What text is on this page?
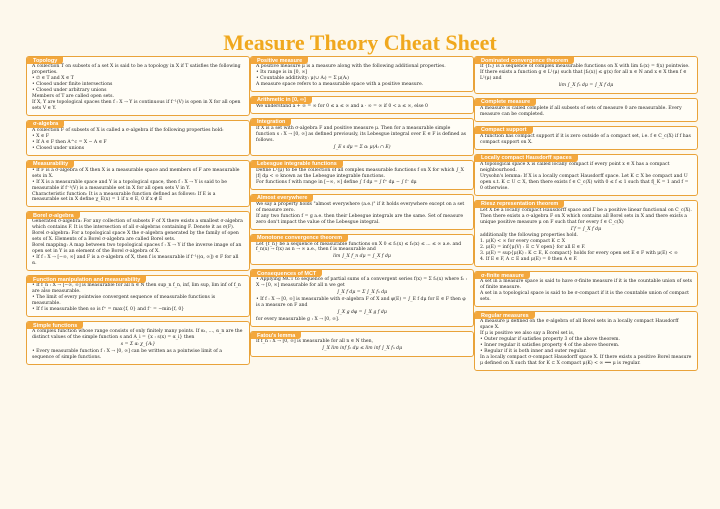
Measure Theory Cheat Sheet
Topology

A collection T on subsets of a set X is said to be a topology in X if T satisfies the following properties.

• ∅ ∈ T and X ∈ T

• Closed under finite intersections

• Closed under arbitrary unions

Members of T are called open sets.

If X, Y are topological spaces then f : X → Y is continuous if f⁻¹(V) is open in X for all open sets V ∈ Y.

σ-algebra

A collection F of subsets of X is called a σ-algebra if the following properties hold:

• X ∈ F

• If A ∈ F then A^c = X − A ∈ F

• Closed under unions

Measurability

• If F is a σ-algebra of X then X is a measurable space and members of F are measurable sets in X.

• If X is a measurable space and Y is a topological space, then f : X → Y is said to be measurable if f⁻¹(V) is a measurable set in X for all open sets V in Y.

Characteristic function: It is a measurable function defined as follows: If E is a measurable set in X define χ_E(x) = 1 if x ∈ E, 0 if x ∉ E

Borel σ-algebra

Generated σ-algebra: For any collection of subsets F of X there exists a smallest σ-algebra which contains F. It is the intersection of all σ-algebras containing F. Denote it as σ(F).

Borel σ-algebra: For a topological space X the σ-algebra generated by the family of open sets of X. Elements of a Borel σ-algebra are called Borel sets.

Borel mapping: A map between two topological spaces f : X → Y if the inverse image of an open set in Y is an element of the Borel σ-algebra of X.

• If f : X → [−∞, ∞] and F is a σ-algebra of X, then f is measurable if f⁻¹((α, ∞]) ∈ F for all α.

Function manipulation and measurability

• If f_n : X → [−∞, ∞] is measurable for all n ∈ N then sup_n f_n, inf, lim sup, lim inf of f_n are also measurable.

• The limit of every pointwise convergent sequence of measurable functions is measurable.

• If f is measurable then so is f⁺ = max{f, 0} and f⁻ = −min{f, 0}

Simple functions

A complex function whose range consists of only finitely many points. If α₁, ..., α_n are the distinct values of the simple function s and A_i = {x : s(x) = α_i} then

s = Σ αᵢ χ_{Aᵢ}

• Every measurable function f : X → [0, ∞] can be written as a pointwise limit of a sequence of simple functions.

Positive measure

A positive measure μ is a measure along with the following additional properties.

• Its range is in [0, ∞]

• Countable additivity: μ(∪ Aᵢ) = Σ μ(Aᵢ)

A measure space refers to a measurable space with a positive measure.

Arithmetic in [0, ∞]

We understand a + ∞ = ∞ for 0 ≤ a ≤ ∞ and a · ∞ = ∞ if 0 < a ≤ ∞, else 0

Integration

If X is a set with σ-algebra F and positive measure μ. Then for a measurable simple function s : X → [0, ∞] as defined previously, its Lebesgue integral over E ∈ F is defined as follows.

∫_E s dμ = Σ αᵢ μ(Aᵢ ∩ E)

Lebesgue integrable functions

Define L¹(μ) to be the collection of all complex measurable functions f on X for which ∫_X |f| dμ < ∞ known as the Lebesgue integrable functions.

For functions f with range in [−∞, ∞] define ∫ f dμ = ∫ f⁺ dμ − ∫ f⁻ dμ

Almost everywhere

We say a property holds "almost everywhere (a.e.)" if it holds everywhere except on a set of measure zero.

If any two function f = g a.e. then their Lebesgue integrals are the same. Set of measure zero don't impact the value of the Lebesgue integral.

Monotone convergence theorem

Let {f_n} be a sequence of measurable functions on X 0 ≤ f₁(x) ≤ f₂(x) ≤ ... ≤ ∞ a.e. and f_n(x) → f(x) as n → ∞ a.e., then f is measurable and

lim ∫_X f_n dμ = ∫_X f dμ

Consequences of MCT

• Applying MCT to sequence of partial sums of a convergent series f(x) = Σ fₙ(x) where fₙ : X → [0, ∞] measurable for all n we get

∫_X f dμ = Σ ∫_X fₙ dμ

• If f : X → [0, ∞] is measurable with σ-algebra F of X and φ(E) = ∫_E f dμ for E ∈ F then φ is a measure on F and

∫_X g dφ = ∫_X g f dμ

for every measurable g : X → [0, ∞].

Fatou's lemma

If f_n : X → [0, ∞] is measurable for all n ∈ N then,

∫_X lim inf fₙ dμ ≤ lim inf ∫_X fₙ dμ

Dominated convergence theorem

If {fₙ} is a sequence of complex measurable functions on X with lim fₙ(x) = f(x) pointwise. If there exists a function g ∈ L¹(μ) such that |fₙ(x)| ≤ g(x) for all n ∈ N and x ∈ X then f ∈ L¹(μ) and

lim ∫_X fₙ dμ = ∫_X f dμ

Complete measure

A measure is called complete if all subsets of sets of measure 0 are measurable. Every measure can be completed.

Compact support

A function has compact support if it is zero outside of a compact set, i.e. f ∈ C_c(X) if f has compact support on X.

Locally compact Hausdorff spaces

A topological space X is called locally compact if every point x ∈ X has a compact neighbourhood.

Urysohn's lemma: If X is a locally compact Hausdorff space. Let K ⊂ X be compact and U open s.t. K ⊂ U ⊂ X, then there exists f ∈ C_c(X) with 0 ≤ f ≤ 1 such that f|_K = 1 and f = 0 otherwise.

Riesz representation theorem

Let X be a locally compact Hausdorff space and Γ be a positive linear functional on C_c(X). Then there exists a σ-algebra F on X which contains all Borel sets in X and there exists a unique positive measure μ on F such that for every f ∈ C_c(X)

Γf = ∫_X f dμ

additionally the following properties hold.

1. μ(K) < ∞ for every compact K ⊂ X

2. μ(E) = inf{μ(V) : E ⊂ V open} for all E ∈ F.

3. μ(E) = sup{μ(K) : K ⊂ E, K compact} holds for every open set E ∈ F with μ(E) < ∞

4. If E ∈ F, A ⊂ E and μ(E) = 0 then A ∈ F.

σ-finite measure

A set in a measure space is said to have σ-finite measure if it is the countable union of sets of finite measure.

A set in a topological space is said to be σ-compact if it is the countable union of compact sets.

Regular measures

A measure μ defined on the σ-algebra of all Borel sets in a locally compact Hausdorff space X.

If μ is positive we also say a Borel set is,

• Outer regular if satisfies property 3 of the above theorem.

• Inner regular it satisfies property 4 of the above theorem.

• Regular if it is both inner and outer regular.

In a locally compact σ-compact Hausdorff space X. If there exists a positive Borel measure μ defined on X such that for K ⊂ X compact μ(K) < ∞ ⟹ μ is regular.
